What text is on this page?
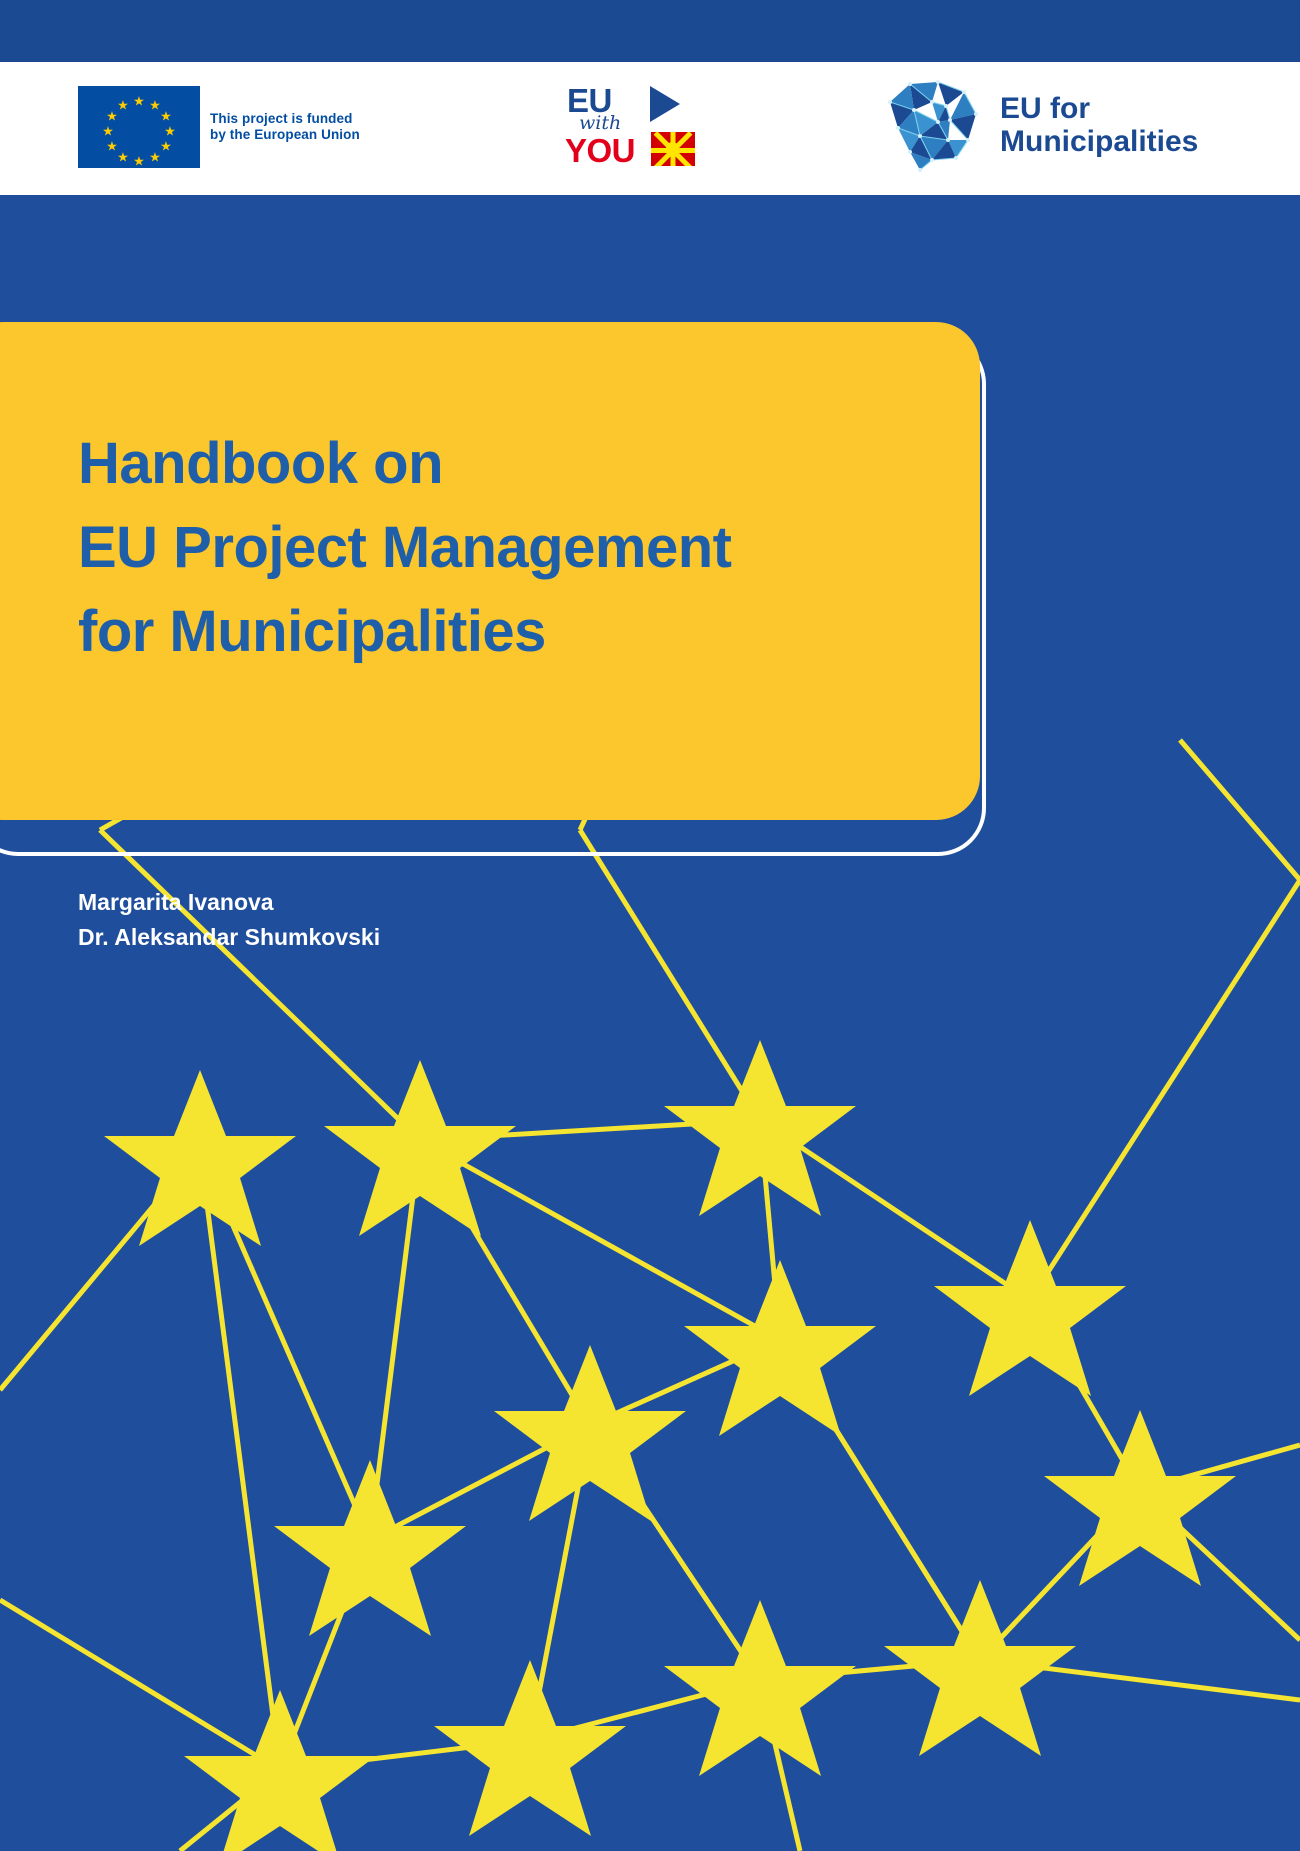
★ ★
★
★
★
★
★
★
★
★
★
★
This project is funded
by the European Union
EU
with
YOU
EU for
Municipalities
Handbook on
EU Project Management
for Municipalities
Margarita Ivanova
Dr. Aleksandar Shumkovski
